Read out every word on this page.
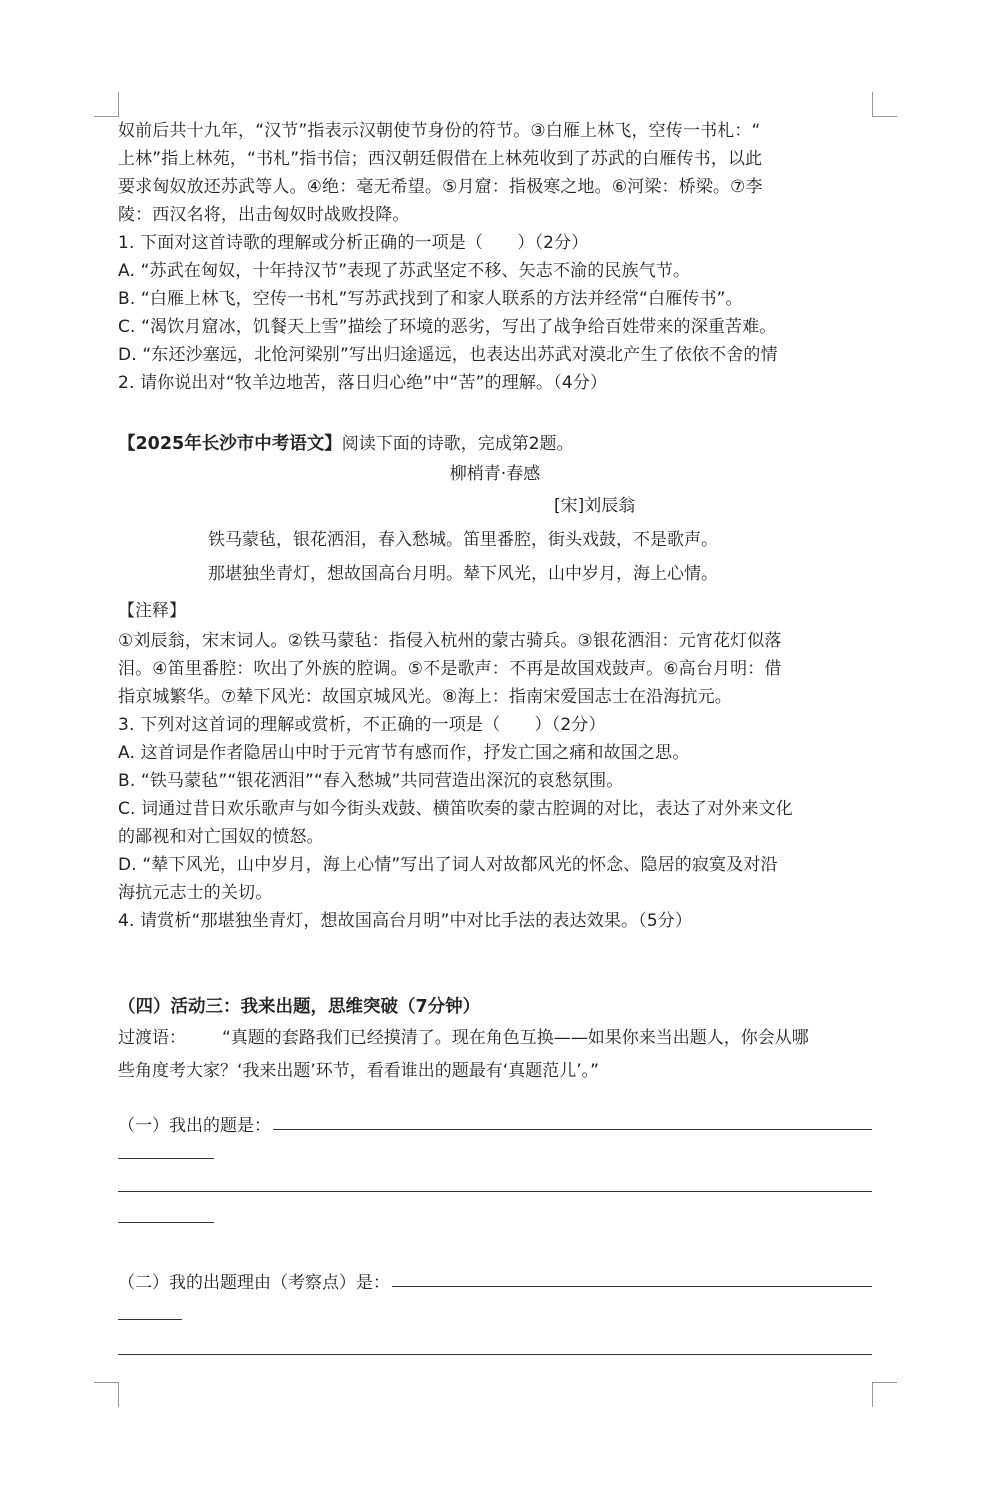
奴前后共十九年，“汉节”指表示汉朝使节身份的符节。③白雁上林飞，空传一书札：“
上林”指上林苑，“书札”指书信；西汉朝廷假借在上林苑收到了苏武的白雁传书，以此
要求匈奴放还苏武等人。④绝：毫无希望。⑤月窟：指极寒之地。⑥河梁：桥梁。⑦李
陵：西汉名将，出击匈奴时战败投降。
1. 下面对这首诗歌的理解或分析正确的一项是（　　）（2分）
A. “苏武在匈奴，十年持汉节”表现了苏武坚定不移、矢志不渝的民族气节。
B. “白雁上林飞，空传一书札”写苏武找到了和家人联系的方法并经常“白雁传书”。
C. “渴饮月窟冰，饥餐天上雪”描绘了环境的恶劣，写出了战争给百姓带来的深重苦难。
D. “东还沙塞远，北怆河梁别”写出归途遥远，也表达出苏武对漠北产生了依依不舍的情
2. 请你说出对“牧羊边地苦，落日归心绝”中“苦”的理解。（4分）
【2025年长沙市中考语文】阅读下面的诗歌，完成第2题。
柳梢青·春感
[宋]刘辰翁
铁马蒙毡，银花洒泪，春入愁城。笛里番腔，街头戏鼓，不是歌声。
那堪独坐青灯，想故国高台月明。辇下风光，山中岁月，海上心情。
【注释】
①刘辰翁，宋末词人。②铁马蒙毡：指侵入杭州的蒙古骑兵。③银花洒泪：元宵花灯似落
泪。④笛里番腔：吹出了外族的腔调。⑤不是歌声：不再是故国戏鼓声。⑥高台月明：借
指京城繁华。⑦辇下风光：故国京城风光。⑧海上：指南宋爱国志士在沿海抗元。
3. 下列对这首词的理解或赏析，不正确的一项是（　　）（2分）
A. 这首词是作者隐居山中时于元宵节有感而作，抒发亡国之痛和故国之思。
B. “铁马蒙毡”“银花洒泪”“春入愁城”共同营造出深沉的哀愁氛围。
C. 词通过昔日欢乐歌声与如今街头戏鼓、横笛吹奏的蒙古腔调的对比，表达了对外来文化
的鄙视和对亡国奴的愤怒。
D. “辇下风光，山中岁月，海上心情”写出了词人对故都风光的怀念、隐居的寂寞及对沿
海抗元志士的关切。
4. 请赏析“那堪独坐青灯，想故国高台月明”中对比手法的表达效果。（5分）
（四）活动三：我来出题，思维突破（7分钟）
过渡语： “真题的套路我们已经摸清了。现在角色互换——如果你来当出题人，你会从哪
些角度考大家？‘我来出题’环节，看看谁出的题最有‘真题范儿’。”
（一）我出的题是：
（二）我的出题理由（考察点）是：
